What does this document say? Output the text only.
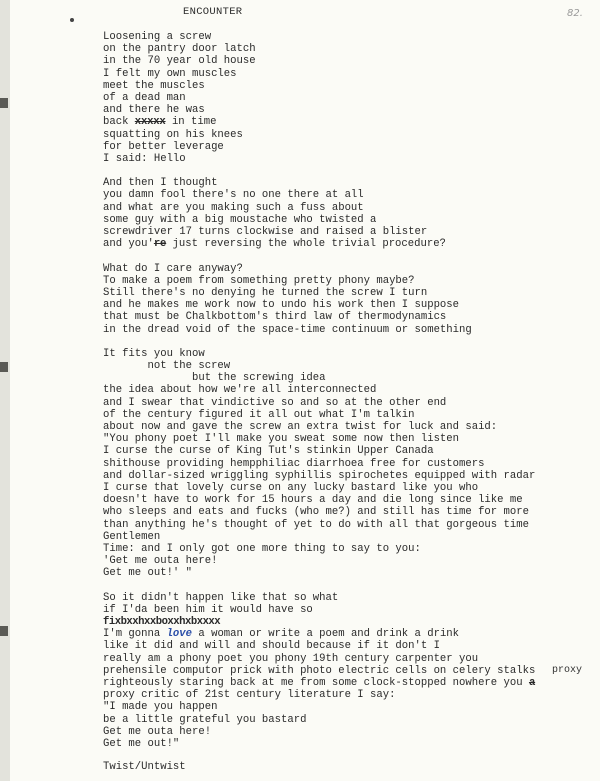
ENCOUNTER	82.
Loosening a screw
on the pantry door latch
in the 70 year old house
I felt my own muscles
meet the muscles
of a dead man
and there he was
back xxxxx in time
squatting on his knees
for better leverage
I said: Hello
And then I thought
you damn fool there's no one there at all
and what are you making such a fuss about
some guy with a big moustache who twisted a
screwdriver 17 turns clockwise and raised a blister
and you're just reversing the whole trivial procedure?
What do I care anyway?
To make a poem from something pretty phony maybe?
Still there's no denying he turned the screw I turn
and he makes me work now to undo his work then I suppose
that must be Chalkbottom's third law of thermodynamics
in the dread void of the space-time continuum or something
It fits you know
not the screw
but the screwing idea
the idea about how we're all interconnected
and I swear that vindictive so and so at the other end
of the century figured it all out what I'm talkin
about now and gave the screw an extra twist for luck and said:
"You phony poet I'll make you sweat some now then listen
I curse the curse of King Tut's stinkin Upper Canada
shithouse providing hempphiliac diarrhoea free for customers
and dollar-sized wriggling syphillis spirochetes equipped with radar
I curse that lovely curse on any lucky bastard like you who
doesn't have to work for 15 hours a day and die long since like me
who sleeps and eats and fucks (who me?) and still has time for more
than anything he's thought of yet to do with all that gorgeous time
Gentlemen
Time: and I only got one more thing to say to you:
'Get me outa here!
Get me out!' "
So it didn't happen like that so what
if I'da been him it would have so
fixbxxhxxboxxhxbxxxx
I'm gonna love a woman or write a poem and drink a drink
like it did and will and should because if it don't I
really am a phony poet you phony 19th century carpenter you
prehensile computor prick with photo electric cells on celery stalks
righteously staring back at me from some clock-stopped nowhere you a
proxy critic of 21st century literature I say:
"I made you happen
be a little grateful you bastard
Get me outa here!
Get me out!"
proxy
Twist/Untwist
